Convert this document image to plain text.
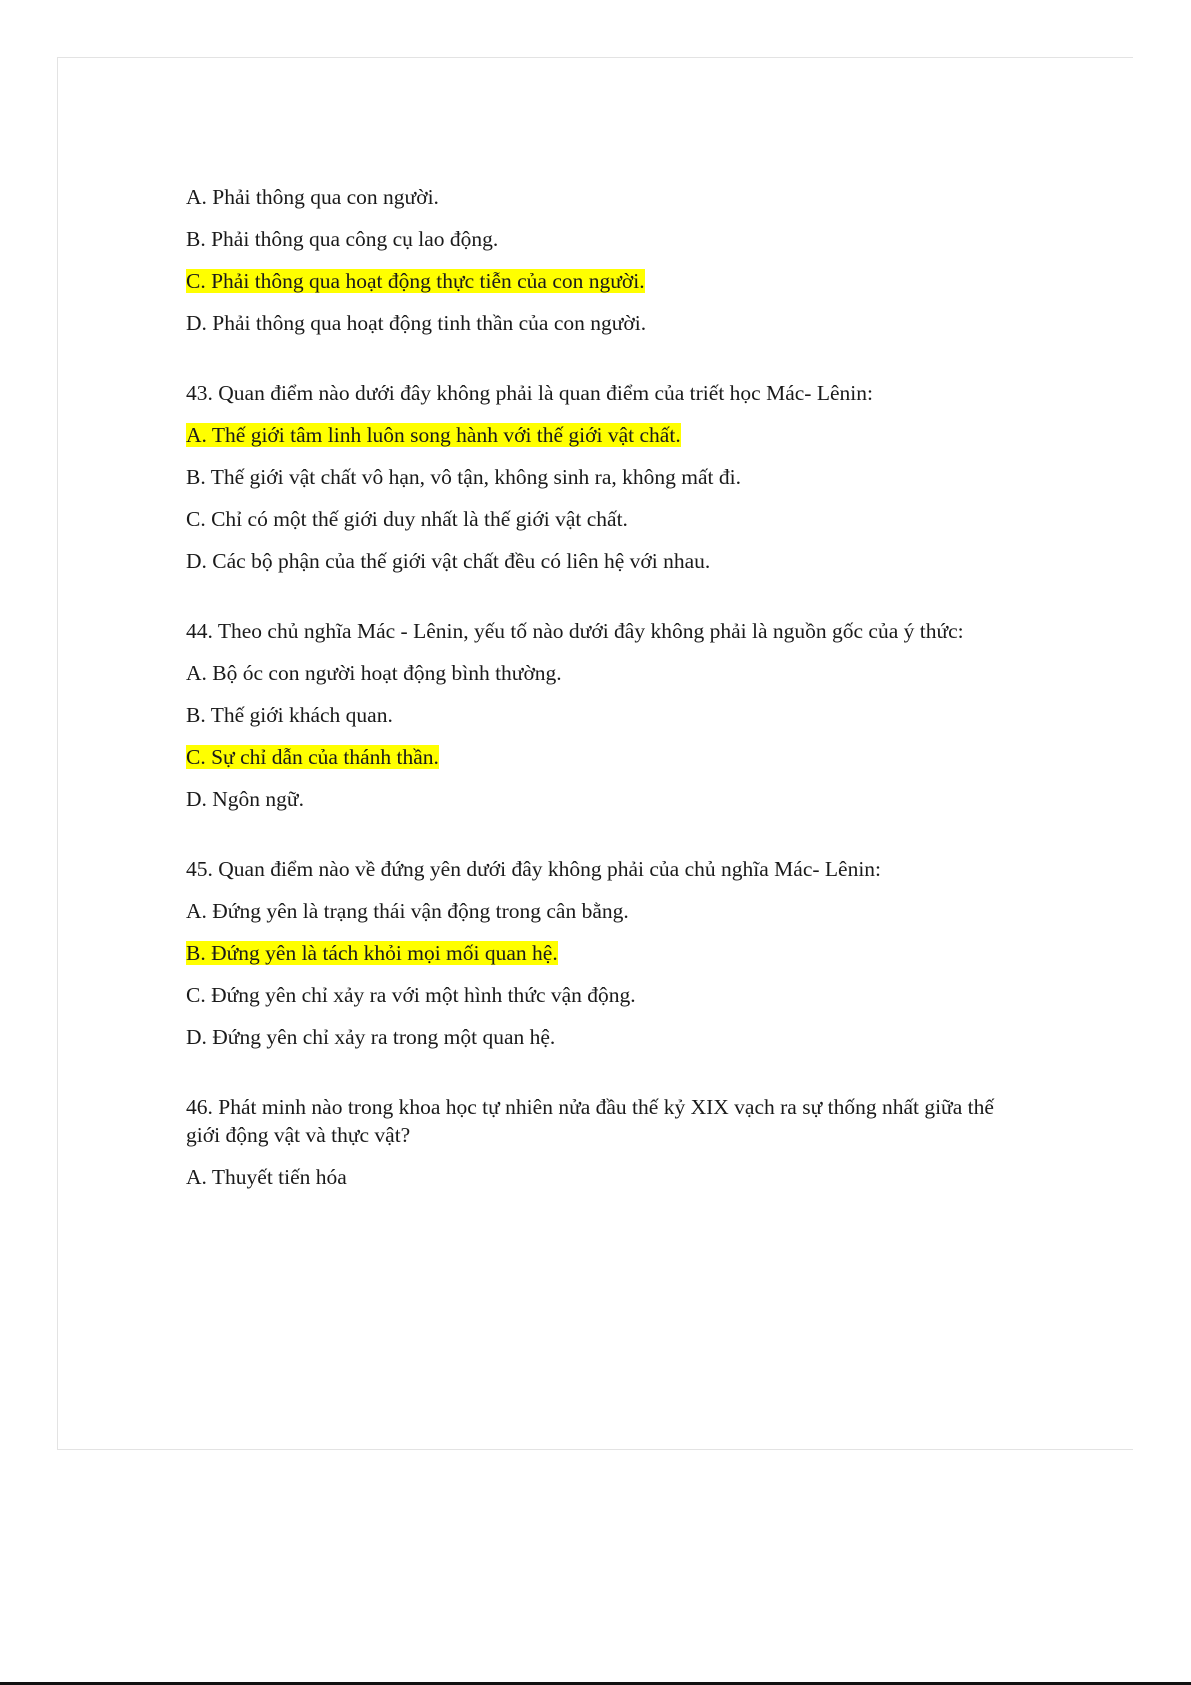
A. Phải thông qua con người.

B. Phải thông qua công cụ lao động.

C. Phải thông qua hoạt động thực tiễn của con người.

D. Phải thông qua hoạt động tinh thần của con người.

43. Quan điểm nào dưới đây không phải là quan điểm của triết học Mác- Lênin:

A. Thế giới tâm linh luôn song hành với thế giới vật chất.

B. Thế giới vật chất vô hạn, vô tận, không sinh ra, không mất đi.

C. Chỉ có một thế giới duy nhất là thế giới vật chất.

D. Các bộ phận của thế giới vật chất đều có liên hệ với nhau.

44. Theo chủ nghĩa Mác - Lênin, yếu tố nào dưới đây không phải là nguồn gốc của ý thức:

A. Bộ óc con người hoạt động bình thường.

B. Thế giới khách quan.

C. Sự chỉ dẫn của thánh thần.

D. Ngôn ngữ.

45. Quan điểm nào về đứng yên dưới đây không phải của chủ nghĩa Mác- Lênin:

A. Đứng yên là trạng thái vận động trong cân bằng.

B. Đứng yên là tách khỏi mọi mối quan hệ.

C. Đứng yên chỉ xảy ra với một hình thức vận động.

D. Đứng yên chỉ xảy ra trong một quan hệ.

46. Phát minh nào trong khoa học tự nhiên nửa đầu thế kỷ XIX vạch ra sự thống nhất giữa thế giới động vật và thực vật?

A. Thuyết tiến hóa
